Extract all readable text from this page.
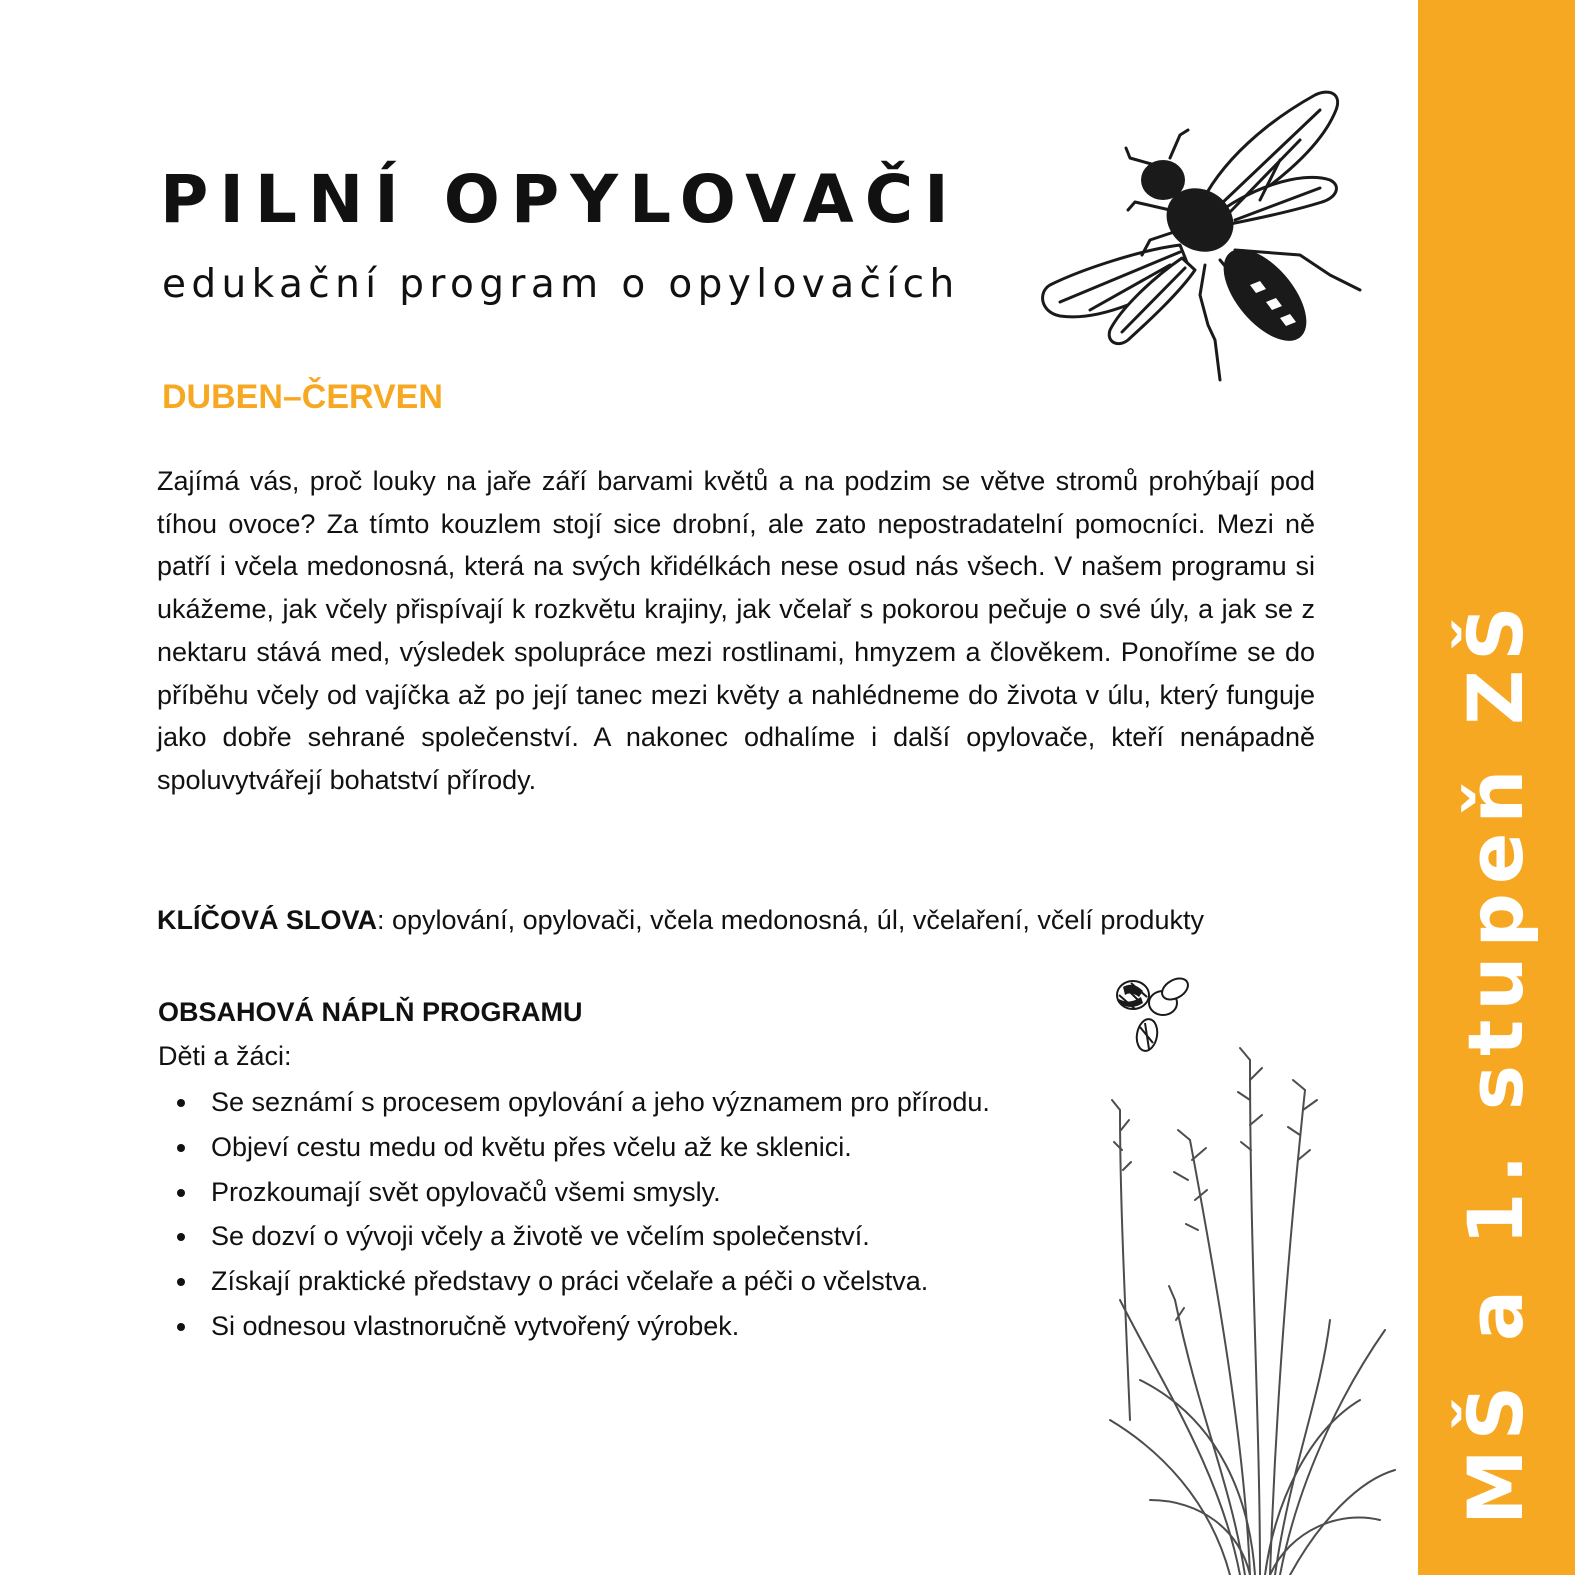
MŠ a 1. stupeň ZŠ
PILNÍ OPYLOVAČI

edukační program o opylovačích

DUBEN–ČERVEN

Zajímá vás, proč louky na jaře září barvami květů a na podzim se větve stromů prohýbají pod tíhou ovoce? Za tímto kouzlem stojí sice drobní, ale zato nepostradatelní pomocníci. Mezi ně patří i včela medonosná, která na svých křidélkách nese osud nás všech. V našem programu si ukážeme, jak včely přispívají k rozkvětu krajiny, jak včelař s pokorou pečuje o své úly, a jak se z nektaru stává med, výsledek spolupráce mezi rostlinami, hmyzem a člověkem. Ponoříme se do příběhu včely od vajíčka až po její tanec mezi květy a nahlédneme do života v úlu, který funguje jako dobře sehrané společenství. A nakonec odhalíme i další opylovače, kteří nenápadně spoluvytvářejí bohatství přírody.

KLÍČOVÁ SLOVA: opylování, opylovači, včela medonosná, úl, včelaření, včelí produkty

OBSAHOVÁ NÁPLŇ PROGRAMU

Děti a žáci:

Se seznámí s procesem opylování a jeho významem pro přírodu.
Objeví cestu medu od květu přes včelu až ke sklenici.
Prozkoumají svět opylovačů všemi smysly.
Se dozví o vývoji včely a životě ve včelím společenství.
Získají praktické představy o práci včelaře a péči o včelstva.
Si odnesou vlastnoručně vytvořený výrobek.
